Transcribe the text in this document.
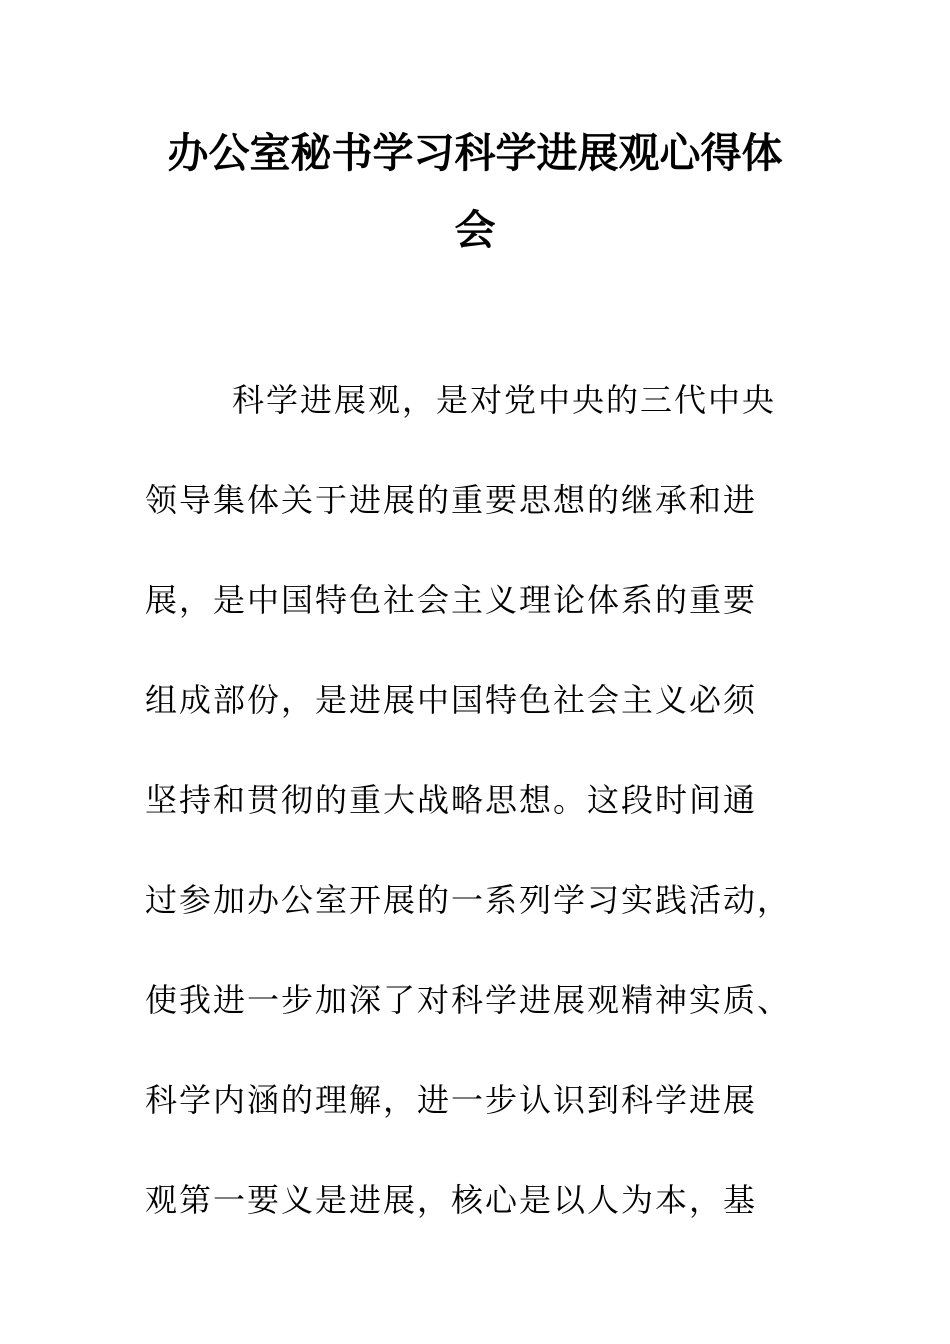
办公室秘书学习科学进展观心得体
会
科学进展观，是对党中央的三代中央
领导集体关于进展的重要思想的继承和进
展，是中国特色社会主义理论体系的重要
组成部份，是进展中国特色社会主义必须
坚持和贯彻的重大战略思想。这段时间通
过参加办公室开展的一系列学习实践活动，
使我进一步加深了对科学进展观精神实质、
科学内涵的理解，进一步认识到科学进展
观第一要义是进展，核心是以人为本，基
